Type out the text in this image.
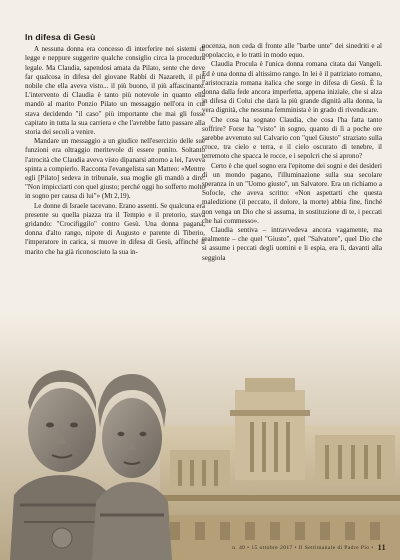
In difesa di Gesù

A nessuna donna era concesso di interferire nei sistemi di legge e neppure suggerire qualche consiglio circa la procedura legale. Ma Claudia, sapendosi amata da Pilato, sente che deve far qualcosa in difesa del giovane Rabbì di Nazareth, il più nobile che ella aveva visto... il più buono, il più affascinante. L'intervento di Claudia è tanto più notevole in quanto ella mandò al marito Ponzio Pilato un messaggio nell'ora in cui stava decidendo "il caso" più importante che mai gli fosse capitato in tutta la sua carriera e che l'avrebbe fatto passare alla storia dei secoli a venire.

Mandare un messaggio a un giudice nell'esercizio delle sue funzioni era oltraggio meritevole di essere punito. Soltanto l'atrocità che Claudia aveva visto dipanarsi attorno a lei, l'aveva spinta a compierlo. Racconta l'evangelista san Matteo: «Mentre egli [Pilato] sedeva in tribunale, sua moglie gli mandò a dire: "Non impicciarti con quel giusto; perché oggi ho sofferto molto in sogno per causa di lui"» (Mt 2,19).

Le donne di Israele tacevano. Erano assenti. Se qualcuna era presente su quella piazza tra il Tempio e il pretorio, stava gridando: "Crocifiggilo" contro Gesù. Una donna pagana, donna d'alto rango, nipote di Augusto e parente di Tiberio, l'imperatore in carica, si muove in difesa di Gesù, affinché il marito che ha già riconosciuto la sua in-

nocenza, non ceda di fronte alle "barbe unte" dei sinedriti e al popolaccio, e lo tratti in modo equo.

Claudia Procula è l'unica donna romana citata dai Vangeli. Ed è una donna di altissimo rango. In lei è il patriziato romano, l'aristocrazia romana italica che sorge in difesa di Gesù. È la donna dalla fede ancora imperfetta, appena iniziale, che si alza in difesa di Colui che darà la più grande dignità alla donna, la vera dignità, che nessuna femminista è in grado di rivendicare.

Che cosa ha sognato Claudia, che cosa l'ha fatta tanto soffrire? Forse ha "visto" in sogno, quanto di lì a poche ore sarebbe avvenuto sul Calvario con "quel Giusto" straziato sulla croce, tra cielo e terra, e il cielo oscurato di tenebre, il terremoto che spacca le rocce, e i sepolcri che si aprono?

Certo è che quel sogno era l'epitome dei sogni e dei desideri di un mondo pagano, l'illuminazione sulla sua secolare speranza in un "Uomo giusto", un Salvatore. Era un richiamo a Sofocle, che aveva scritto: «Non aspettarti che questa maledizione (il peccato, il dolore, la morte) abbia fine, finché non venga un Dio che si assuma, in sostituzione di te, i peccati che hai commesso».

Claudia sentiva – intravvedeva ancora vagamente, ma realmente – che quel "Giusto", quel "Salvatore", quel Dio che si assume i peccati degli uomini e li espia, era lì, davanti alla seggiola

n. 40 • 15 ottobre 2017 • Il Settimanale di Padre Pio • 11
